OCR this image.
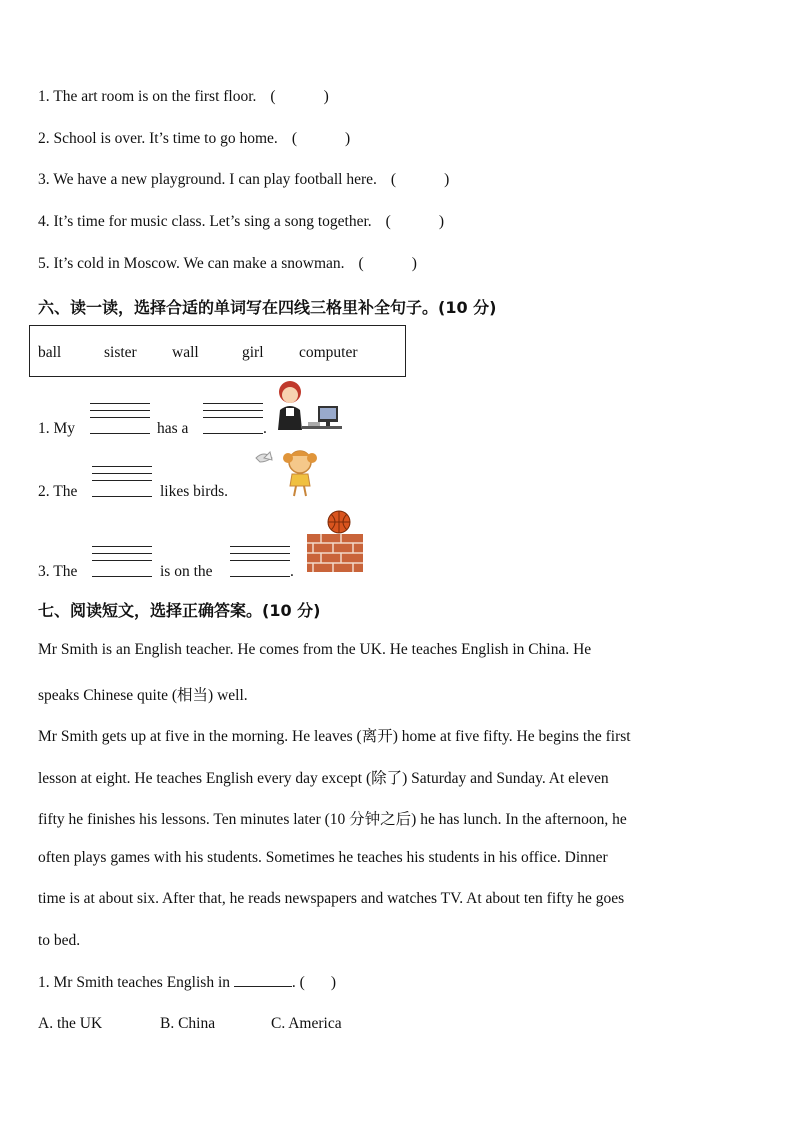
1. The art room is on the first floor. (	)
2. School is over. It’s time to go home. (	)
3. We have a new playground. I can play football here. (	)
4. It’s time for music class. Let’s sing a song together. (	)
5. It’s cold in Moscow. We can make a snowman. (	)
六、读一读，选择合适的单词写在四线三格里补全句子。(10 分)
ball	sister wall	girl computer
1. My	has a	.
2. The	likes birds.
3. The	is on the	.
七、阅读短文，选择正确答案。(10 分)
Mr Smith is an English teacher. He comes from the UK. He teaches English in China. He
speaks Chinese quite (相当) well.
Mr Smith gets up at five in the morning. He leaves (离开) home at five fifty. He begins the first
lesson at eight. He teaches English every day except (除了) Saturday and Sunday. At eleven
fifty he finishes his lessons. Ten minutes later (10 分钟之后) he has lunch. In the afternoon, he
often plays games with his students. Sometimes he teaches his students in his office. Dinner
time is at about six. After that, he reads newspapers and watches TV. At about ten fifty he goes
to bed.
1. Mr Smith teaches English in	. ( )
A. the UK	B. China	C. America
